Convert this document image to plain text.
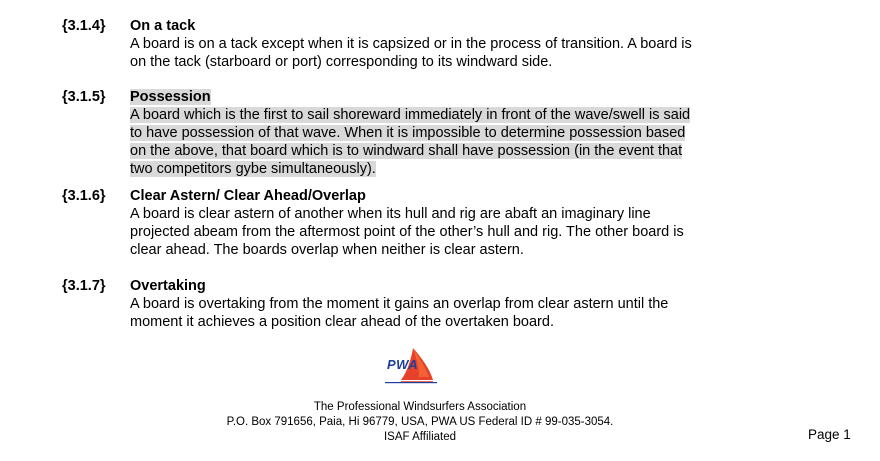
{3.1.4} On a tack
A board is on a tack except when it is capsized or in the process of transition. A board is
on the tack (starboard or port) corresponding to its windward side.
{3.1.5} Possession
A board which is the first to sail shoreward immediately in front of the wave/swell is said
to have possession of that wave. When it is impossible to determine possession based
on the above, that board which is to windward shall have possession (in the event that
two competitors gybe simultaneously).
{3.1.6} Clear Astern/ Clear Ahead/Overlap
A board is clear astern of another when its hull and rig are abaft an imaginary line
projected abeam from the aftermost point of the other’s hull and rig. The other board is
clear ahead. The boards overlap when neither is clear astern.
{3.1.7} Overtaking
A board is overtaking from the moment it gains an overlap from clear astern until the
moment it achieves a position clear ahead of the overtaken board.
PWA
The Professional Windsurfers Association
P.O. Box 791656, Paia, Hi 96779, USA, PWA US Federal ID # 99-035-3054.
ISAF Affiliated	Page 1
